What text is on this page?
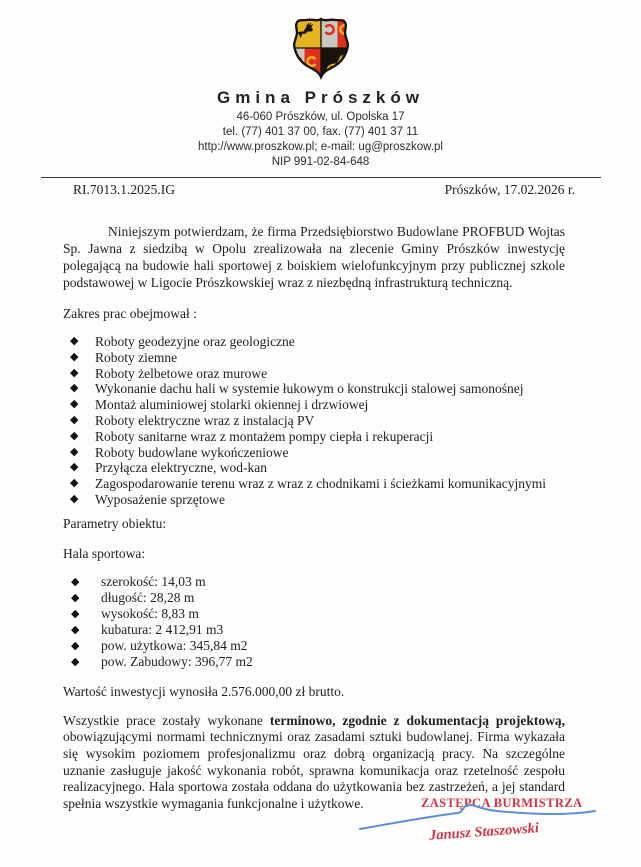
Gmina Prószków
46-060 Prószków, ul. Opolska 17
tel. (77) 401 37 00, fax. (77) 401 37 11
http://www.proszkow.pl; e-mail: ug@proszkow.pl
NIP 991-02-84-648
RI.7013.1.2025.IG	Prószków, 17.02.2026 r.

Niniejszym potwierdzam, że firma Przedsiębiorstwo Budowlane PROFBUD Wojtas Sp. Jawna z siedzibą w Opolu zrealizowała na zlecenie Gminy Prószków inwestycję polegającą na budowie hali sportowej z boiskiem wielofunkcyjnym przy publicznej szkole podstawowej w Ligocie Prószkowskiej wraz z niezbędną infrastrukturą techniczną.

Zakres prac obejmował :

◆	Roboty geodezyjne oraz geologiczne
◆	Roboty ziemne
◆	Roboty żelbetowe oraz murowe
◆	Wykonanie dachu hali w systemie łukowym o konstrukcji stalowej samonośnej
◆	Montaż aluminiowej stolarki okiennej i drzwiowej
◆	Roboty elektryczne wraz z instalacją PV
◆	Roboty sanitarne wraz z montażem pompy ciepła i rekuperacji
◆	Roboty budowlane wykończeniowe
◆	Przyłącza elektryczne, wod-kan
◆	Zagospodarowanie terenu wraz z wraz z chodnikami i ścieżkami komunikacyjnymi
◆	Wyposażenie sprzętowe

Parametry obiektu:

Hala sportowa:

◆	szerokość: 14,03 m
◆	długość: 28,28 m
◆	wysokość: 8,83 m
◆	kubatura: 2 412,91 m3
◆	pow. użytkowa: 345,84 m2
◆	pow. Zabudowy: 396,77 m2

Wartość inwestycji wynosiła 2.576.000,00 zł brutto.

Wszystkie prace zostały wykonane terminowo, zgodnie z dokumentacją projektową, obowiązującymi normami technicznymi oraz zasadami sztuki budowlanej. Firma wykazała się wysokim poziomem profesjonalizmu oraz dobrą organizacją pracy. Na szczególne uznanie zasługuje jakość wykonania robót, sprawna komunikacja oraz rzetelność zespołu realizacyjnego. Hala sportowa została oddana do użytkowania bez zastrzeżeń, a jej standard spełnia wszystkie wymagania funkcjonalne i użytkowe.	ZASTĘPCA BURMISTRZA
Janusz Staszowski
